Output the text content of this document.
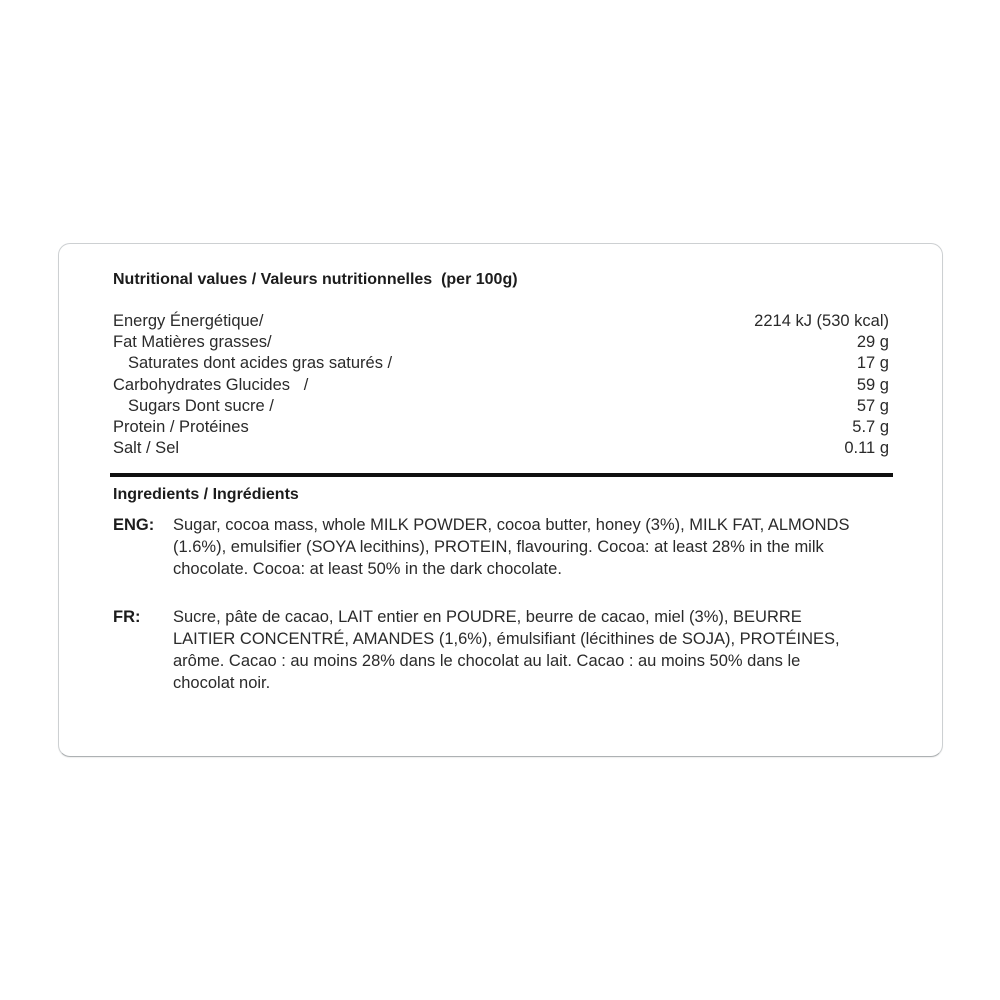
Nutritional values / Valeurs nutritionnelles  (per 100g)
Energy Énergétique/	2214 kJ (530 kcal)
Fat Matières grasses/	29 g
Saturates dont acides gras saturés /	17 g
Carbohydrates Glucides   /	59 g
Sugars Dont sucre /	57 g
Protein / Protéines	5.7 g
Salt / Sel	0.11 g
Ingredients / Ingrédients
ENG: Sugar, cocoa mass, whole MILK POWDER, cocoa butter, honey (3%), MILK FAT, ALMONDS
(1.6%), emulsifier (SOYA lecithins), PROTEIN, flavouring. Cocoa: at least 28% in the milk
chocolate. Cocoa: at least 50% in the dark chocolate.
FR: Sucre, pâte de cacao, LAIT entier en POUDRE, beurre de cacao, miel (3%), BEURRE
LAITIER CONCENTRÉ, AMANDES (1,6%), émulsifiant (lécithines de SOJA), PROTÉINES,
arôme. Cacao : au moins 28% dans le chocolat au lait. Cacao : au moins 50% dans le
chocolat noir.
